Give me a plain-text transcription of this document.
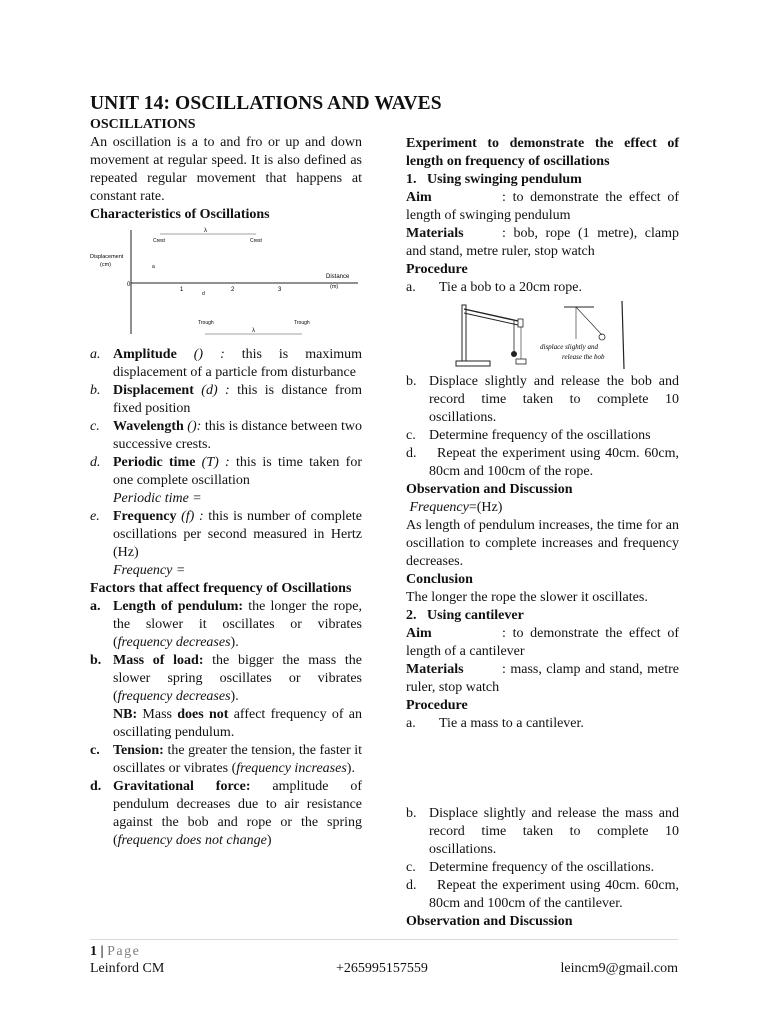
UNIT 14: OSCILLATIONS AND WAVES

OSCILLATIONS

An oscillation is a to and fro or up and down movement at regular speed. It is also defined as repeated regular movement that happens at constant rate.

Characteristics of Oscillations

Displacement
(cm)
Distance
(m)
0
1	2	3
Crest	Crest
λ
a
d
Trough	Trough
λ

a. Amplitude () : this is maximum displacement of a particle from disturbance

b. Displacement (d) : this is distance from fixed position

c. Wavelength (): this is distance between two successive crests.

d. Periodic time (T) : this is time taken for one complete oscillation

Periodic time =

e. Frequency (f) : this is number of complete oscillations per second measured in Hertz (Hz)

Frequency =

Factors that affect frequency of Oscillations

a. Length of pendulum: the longer the rope, the slower it oscillates or vibrates (frequency decreases).

b. Mass of load: the bigger the mass the slower spring oscillates or vibrates (frequency decreases).

NB: Mass does not affect frequency of an oscillating pendulum.

c. Tension: the greater the tension, the faster it oscillates or vibrates (frequency increases).

d. Gravitational force: amplitude of pendulum decreases due to air resistance against the bob and rope or the spring (frequency does not change)

Experiment to demonstrate the effect of length on frequency of oscillations

1.   Using swinging pendulum

Aim	: to demonstrate the effect of length of swinging pendulum

Materials	: bob, rope (1 metre), clamp and stand, metre ruler, stop watch

Procedure

a. Tie a bob to a 20cm rope.

displace slightly and
release the bob

b. Displace slightly and release the bob and record time taken to complete 10 oscillations.

c. Determine frequency of the oscillations

d. Repeat the experiment using 40cm. 60cm, 80cm and 100cm of the rope.

Observation and Discussion

Frequency=(Hz)

As length of pendulum increases, the time for an oscillation to complete increases and frequency decreases.

Conclusion

The longer the rope the slower it oscillates.

2.   Using cantilever

Aim	: to demonstrate the effect of length of a cantilever

Materials	: mass, clamp and stand, metre ruler, stop watch

Procedure

a. Tie a mass to a cantilever.

b. Displace slightly and release the mass and record time taken to complete 10 oscillations.

c. Determine frequency of the oscillations.

d. Repeat the experiment using 40cm. 60cm, 80cm and 100cm of the cantilever.

Observation and Discussion

1 | Page
Leinford CM	+265995157559	leincm9@gmail.com
